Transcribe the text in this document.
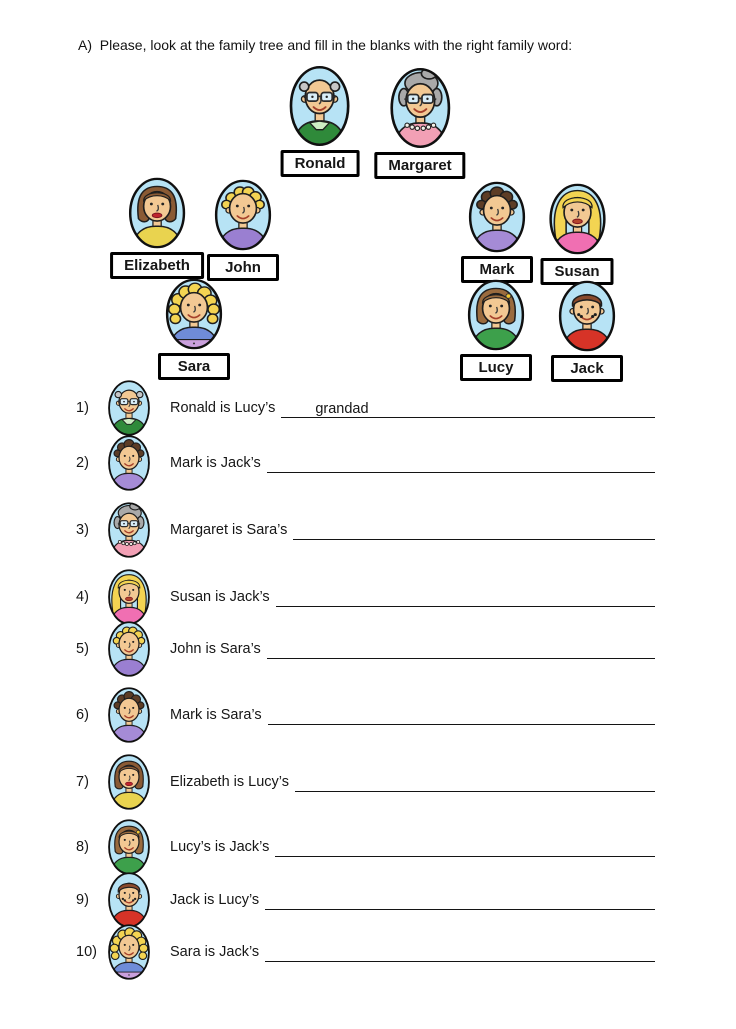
A)  Please, look at the family tree and fill in the blanks with the right family word:
Ronald	Margaret
Elizabeth	John	Mark	Susan
Sara	Lucy	Jack
1)	Ronald is Lucy’s	grandad
2)	Mark is Jack’s
3)	Margaret is Sara’s
4)	Susan is Jack’s
5)	John is Sara’s
6)	Mark is Sara’s
7)	Elizabeth is Lucy’s
8)	Lucy’s is Jack’s
9)	Jack is Lucy’s
10)	Sara is Jack’s
